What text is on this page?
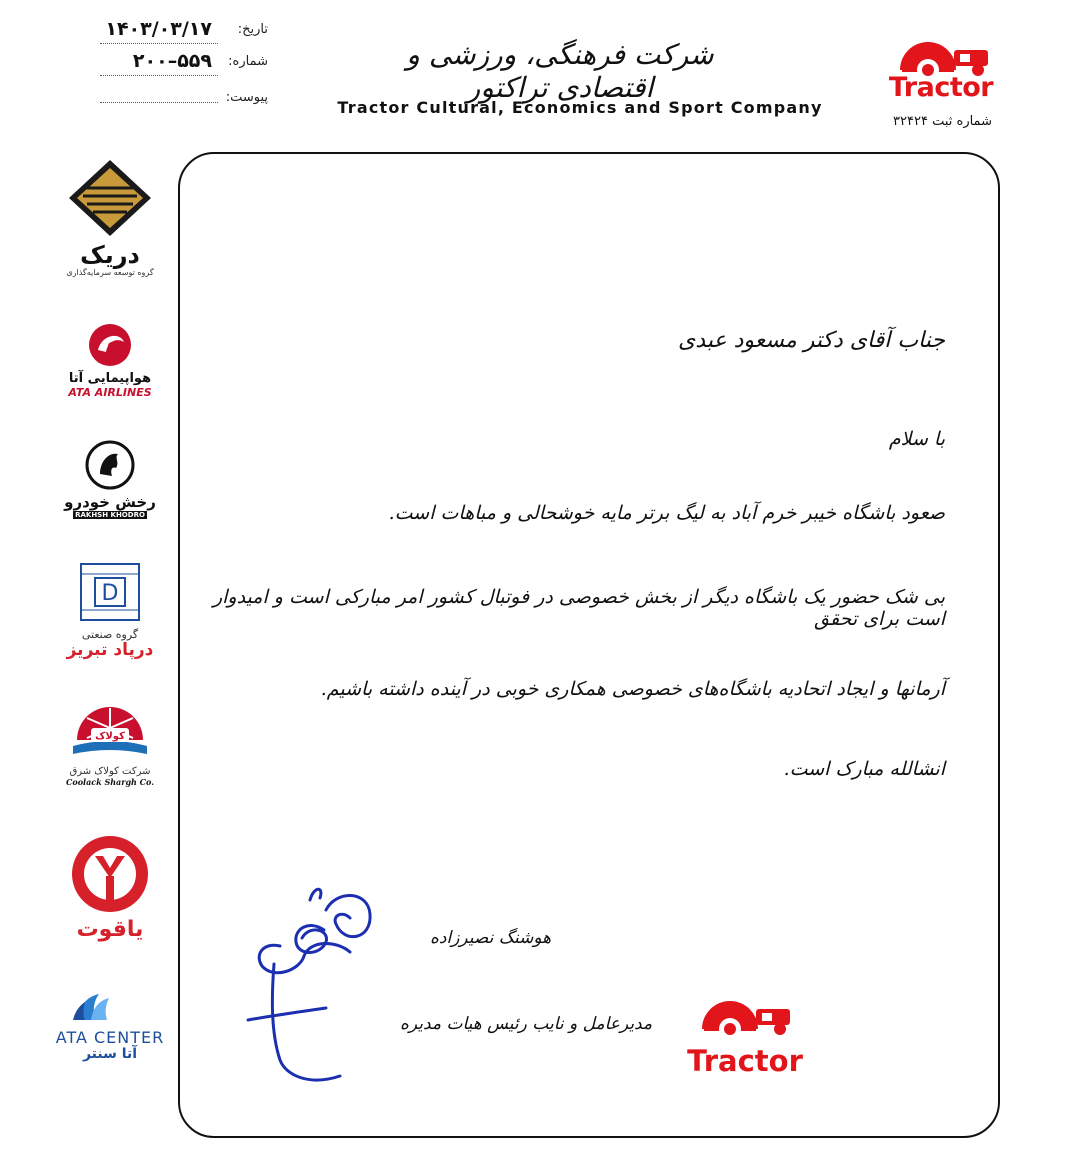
تاریخ:
۱۴۰۳/۰۳/۱۷
شماره:
۵۵۹–۲۰۰
پیوست:
شرکت فرهنگی، ورزشی و اقتصادی تراکتور
Tractor Cultural, Economics and Sport Company
Tractor
شماره ثبت ۳۲۴۲۴
دریک
گروه توسعه سرمایه‌گذاری
هواپیمایی آتا
ATA AIRLINES
رخش خودرو
RAKHSH KHODRO
D
گروه صنعتی
درپاد تبریز
کولاک
شرکت کولاک شرق
Coolack Shargh Co.
یاقوت
ATA CENTER
آتا سنتر
جناب آقای دکتر مسعود عبدی
با سلام
صعود باشگاه خیبر خرم آباد به لیگ برتر مایه خوشحالی و مباهات است.
بی شک حضور یک باشگاه دیگر از بخش خصوصی در فوتبال کشور امر مبارکی است و امیدوار است برای تحقق
آرمانها و ایجاد اتحادیه باشگاه‌های خصوصی همکاری خوبی در آینده داشته باشیم.
انشالله مبارک است.
هوشنگ نصیرزاده
مدیرعامل و نایب رئیس هیات مدیره
Tractor
